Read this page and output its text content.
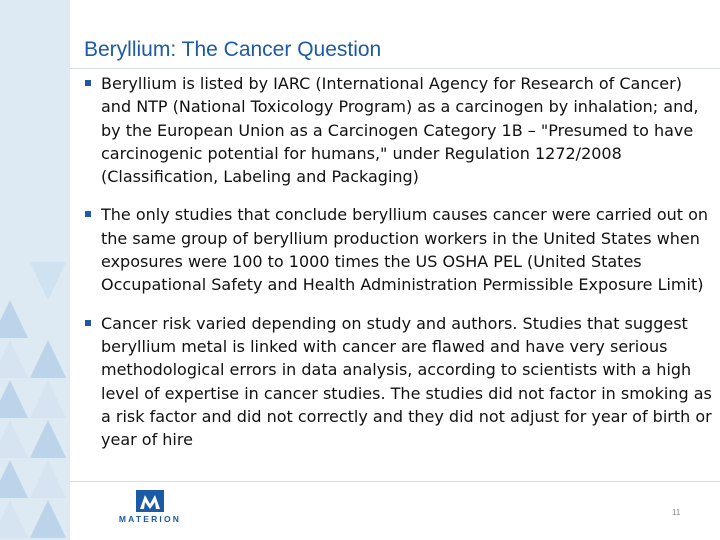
Beryllium: The Cancer Question
Beryllium is listed by IARC (International Agency for Research of Cancer) and NTP (National Toxicology Program) as a carcinogen by inhalation; and, by the European Union as a Carcinogen Category 1B – "Presumed to have carcinogenic potential for humans," under Regulation 1272/2008 (Classification, Labeling and Packaging)
The only studies that conclude beryllium causes cancer were carried out on the same group of beryllium production workers in the United States when exposures were 100 to 1000 times the US OSHA PEL (United States Occupational Safety and Health Administration Permissible Exposure Limit)
Cancer risk varied depending on study and authors. Studies that suggest beryllium metal is linked with cancer are flawed and have very serious methodological errors in data analysis, according to scientists with a high level of expertise in cancer studies. The studies did not factor in smoking as a risk factor and did not correctly and they did not adjust for year of birth or year of hire
MATERION
11
